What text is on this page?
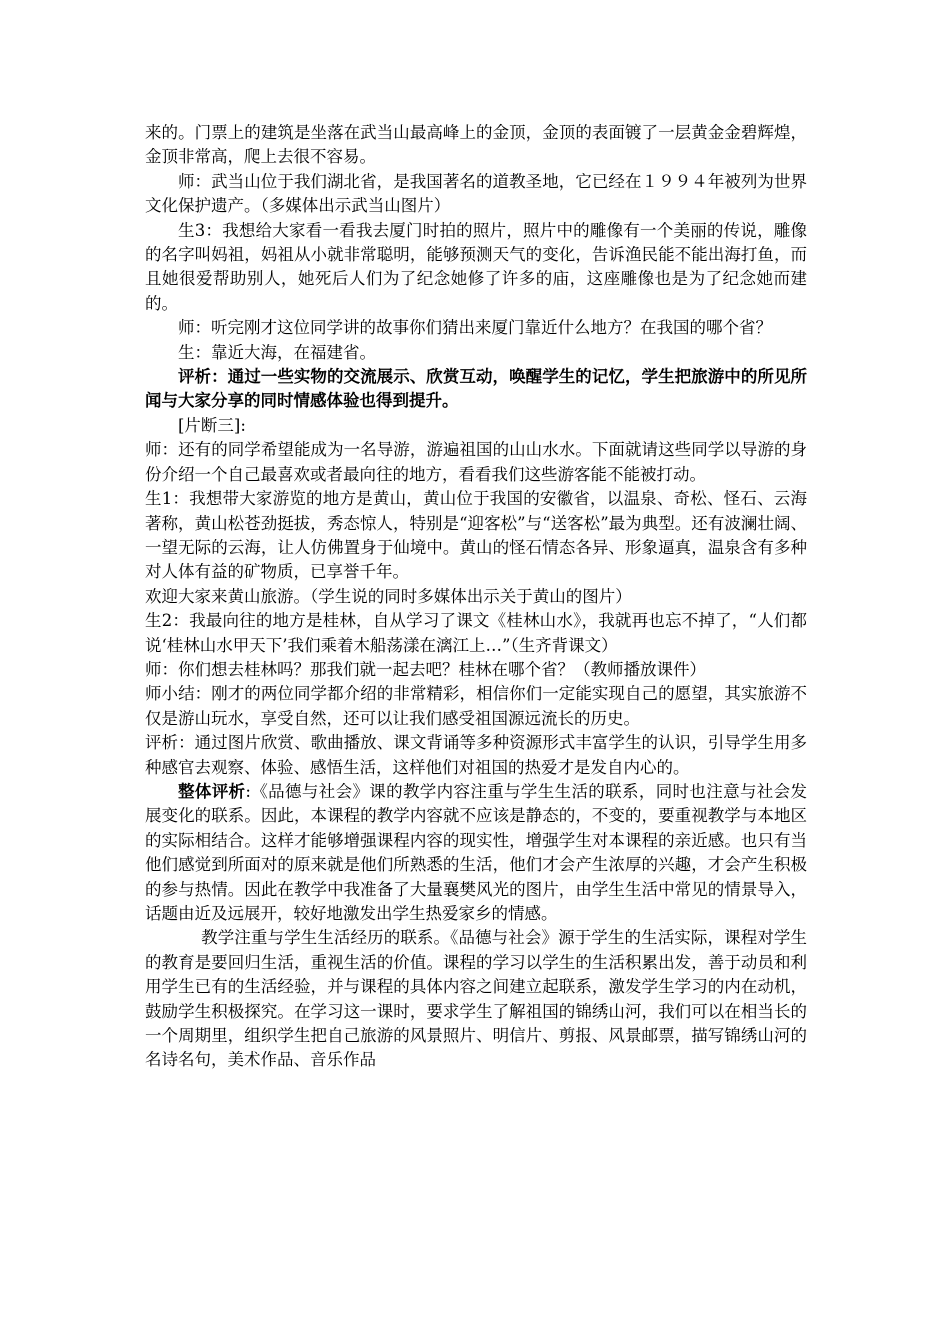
来的。门票上的建筑是坐落在武当山最高峰上的金顶，金顶的表面镀了一层黄金金碧辉煌，金顶非常高，爬上去很不容易。

师：武当山位于我们湖北省，是我国著名的道教圣地，它已经在１９９４年被列为世界文化保护遗产。（多媒体出示武当山图片）

生3：我想给大家看一看我去厦门时拍的照片，照片中的雕像有一个美丽的传说，雕像的名字叫妈祖，妈祖从小就非常聪明，能够预测天气的变化，告诉渔民能不能出海打鱼，而且她很爱帮助别人，她死后人们为了纪念她修了许多的庙，这座雕像也是为了纪念她而建的。

师：听完刚才这位同学讲的故事你们猜出来厦门靠近什么地方？在我国的哪个省？

生：靠近大海，在福建省。

评析：通过一些实物的交流展示、欣赏互动，唤醒学生的记忆，学生把旅游中的所见所闻与大家分享的同时情感体验也得到提升。

[片断三]:

师：还有的同学希望能成为一名导游，游遍祖国的山山水水。下面就请这些同学以导游的身份介绍一个自己最喜欢或者最向往的地方，看看我们这些游客能不能被打动。

生1：我想带大家游览的地方是黄山，黄山位于我国的安徽省，以温泉、奇松、怪石、云海著称，黄山松苍劲挺拔，秀态惊人，特别是“迎客松”与“送客松”最为典型。还有波澜壮阔、一望无际的云海，让人仿佛置身于仙境中。黄山的怪石情态各异、形象逼真，温泉含有多种对人体有益的矿物质，已享誉千年。

欢迎大家来黄山旅游。（学生说的同时多媒体出示关于黄山的图片）

生2：我最向往的地方是桂林，自从学习了课文《桂林山水》，我就再也忘不掉了，“人们都说‘桂林山水甲天下’我们乘着木船荡漾在漓江上…”（生齐背课文）

师：你们想去桂林吗？那我们就一起去吧？桂林在哪个省？（教师播放课件）

师小结：刚才的两位同学都介绍的非常精彩，相信你们一定能实现自己的愿望，其实旅游不仅是游山玩水，享受自然，还可以让我们感受祖国源远流长的历史。

评析：通过图片欣赏、歌曲播放、课文背诵等多种资源形式丰富学生的认识，引导学生用多种感官去观察、体验、感悟生活，这样他们对祖国的热爱才是发自内心的。

整体评析:《品德与社会》课的教学内容注重与学生生活的联系，同时也注意与社会发展变化的联系。因此，本课程的教学内容就不应该是静态的，不变的，要重视教学与本地区的实际相结合。这样才能够增强课程内容的现实性，增强学生对本课程的亲近感。也只有当他们感觉到所面对的原来就是他们所熟悉的生活，他们才会产生浓厚的兴趣，才会产生积极的参与热情。因此在教学中我准备了大量襄樊风光的图片，由学生生活中常见的情景导入，话题由近及远展开，较好地激发出学生热爱家乡的情感。

教学注重与学生生活经历的联系。《品德与社会》源于学生的生活实际，课程对学生的教育是要回归生活，重视生活的价值。课程的学习以学生的生活积累出发，善于动员和利用学生已有的生活经验，并与课程的具体内容之间建立起联系，激发学生学习的内在动机，鼓励学生积极探究。在学习这一课时，要求学生了解祖国的锦绣山河，我们可以在相当长的一个周期里，组织学生把自己旅游的风景照片、明信片、剪报、风景邮票，描写锦绣山河的名诗名句，美术作品、音乐作品
